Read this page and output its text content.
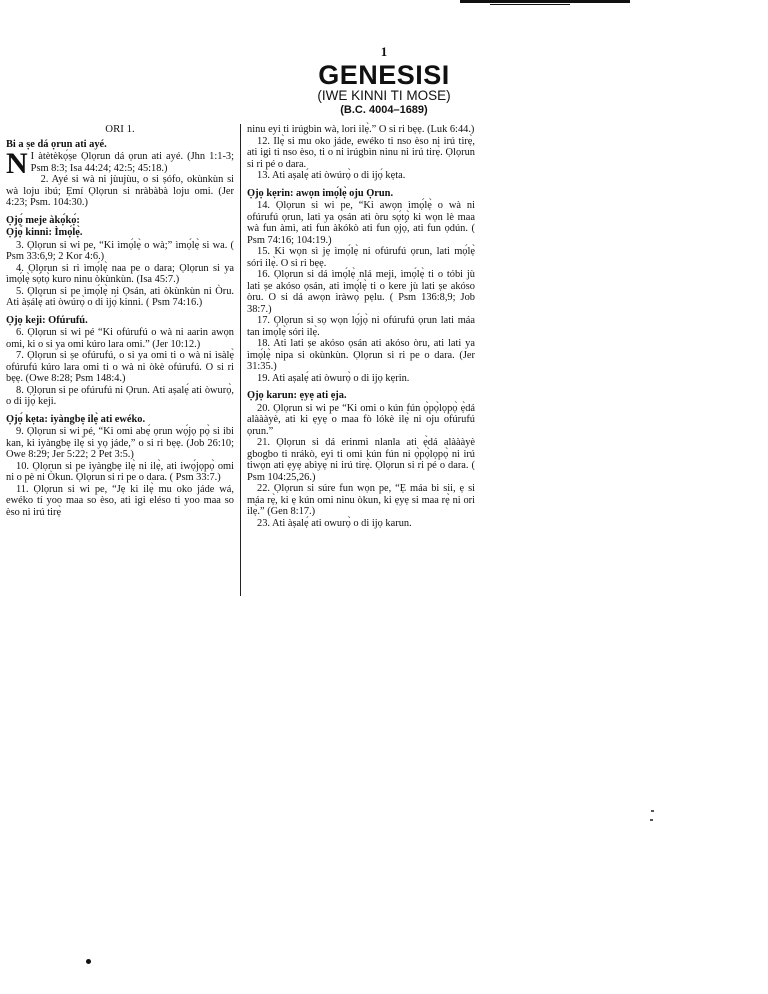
1
GENESISI
(IWE KINNI TI MOSE)
(B.C. 4004–1689)

ORI 1.

Bi a ṣe dá ọrun ati ayé.

N I àtètèkọ́ṣe Ọlọrun dá ọrun ati ayé. (Jhn 1:1-3; Psm 8:3; Isa 44:24; 42:5; 45:18.)

2. Ayé si wà ni jùujùu, o si ṣófo, okùnkùn si wà loju ibú; Ẹmí Ọlọrun si nràbàbà loju omi. (Jer 4:23; Psm. 104:30.)

Ọjọ́ meje àkọ́kọ́:

Ọjọ́ kinni: Ìmọ́lẹ̀.

3. Ọlọrun si wi pe, “Ki ìmọ́lẹ̀ o wà;” ìmọ́lẹ̀ si wa. ( Psm 33:6,9; 2 Kor 4:6.)

4. Ọlọrun si ri ìmọ́lẹ̀ naa pe o dara; Ọlọrun si ya ìmọ́lẹ̀ sọ́tọ̀ kuro ninu òkùnkùn. (Isa 45:7.)

5. Ọlọrun si pe ìmọ́lẹ̀ ni Ọsán, ati òkùnkùn ni Òru. Ati àṣálẹ́ ati òwúrọ̀ o di ijọ́ kinni. ( Psm 74:16.)

Ọjọ keji: Ofúrufú.

6. Ọlọrun si wi pé “Ki ofúrufú o wà ni aarin awọn omi, ki o si ya omi kúro lara omi.” (Jer 10:12.)

7. Ọlọrun si ṣe ofúrufú, o si ya omi ti o wà ni ìsàlẹ̀ ofúrufú kúro lara omi ti o wà ni òkè ofúrufú. O si ri bẹẹ. (Owe 8:28; Psm 148:4.)

8. Ọlọrun si pe ofúrufú ni Ọrun. Ati aṣalẹ́ ati òwurọ̀, o di ijọ́ keji.

Ọjọ́ kẹta: iyàngbẹ ilẹ̀ ati ewéko.

9. Ọlọrun si wi pé, “Ki omi abẹ́ ọrun wọ́jọ pọ̀ si ibi kan, ki iyàngbẹ ilẹ̀ si yọ jáde,” o si ri bẹẹ. (Job 26:10; Owe 8:29; Jer 5:22; 2 Pet 3:5.)

10. Ọlọrun si pe iyàngbẹ ilẹ̀ ni ilẹ̀, ati iwọ́jọpọ̀ omi ni o pè ni Òkun. Ọlọrun si ri pe o dara. ( Psm 33:7.)

11. Ọlọrun si wi pe, “Jẹ ki ilẹ̀ mu oko jáde wá, ewéko tí yoo maa so èso, ati igi eléso ti yoo maa so èso ni irú tirẹ̀

ninu eyi ti irúgbìn wà, lori ilẹ̀.” O si ri bẹẹ. (Luk 6:44.)

12. Ilẹ̀ si mu oko jáde, ewéko ti nso èso ni irú tirẹ̀, ati igi ti nso èso, ti o ni irúgbìn ninu ni irú tirẹ̀. Ọlọrun si ri pé o dara.

13. Ati aṣalẹ́ ati òwúrọ̀ o di ijọ́ kẹta.

Ọjọ kẹrin: awọn imọ́lẹ̀ oju Ọrun.

14. Ọlọrun si wi pe, “Ki awọn ìmọ́lẹ̀ o wà ni ofúrufú ọrun, lati ya ọsán ati òru sọ́tọ̀ ki wọn lè maa wà fun àmì, ati fun àkókò ati fun ọjọ́, ati fun ọdún. ( Psm 74:16; 104:19.)

15. Ki wọn sì jẹ́ ìmọ́lẹ̀ ni ofúrufú ọrun, lati mọ́lẹ̀ sóri ilẹ̀. O si ri bẹẹ.

16. Ọlọrun si dá ìmọ́lẹ̀ nlá meji, ìmọ́lẹ̀ ti o tóbi jù lati ṣe akóso ọsán, ati ìmọ́lẹ̀ ti o kere jù lati ṣe akóso òru. O si dá awọn ìràwọ̀ pẹlu. ( Psm 136:8,9; Job 38:7.)

17. Ọlọrun si sọ wọn lọ́jọ̀ ni ofúrufú ọrun lati máa tan imọ́lẹ̀ sóri ilẹ̀.

18. Ati lati ṣe akóso ọsán ati akóso òru, ati lati ya ìmọ́lẹ̀ nipa si okùnkùn. Ọlọrun si ri pe o dara. (Jer 31:35.)

19. Ati aṣalẹ́ ati òwurọ̀ o di ijọ kẹrin.

Ọjọ karun: ẹyẹ ati ẹja.

20. Ọlọrun si wi pe “Ki omi o kún fún ọ̀pọ̀lọpọ̀ ẹ̀dá alàààyè, ati ki ẹyẹ o maa fò lókè ilẹ̀ ni oju ofúrufú ọrun.”

21. Ọlọrun si dá erinmi nlanla ati ẹ̀dá alàààyè gbogbo ti nrákò, eyi ti omi kún fún ni ọ̀pọ̀lọpọ̀ ni irú tiwọn ati ẹyẹ abìyẹ́ ni irú tirẹ̀. Ọlọrun si ri pé o dara. ( Psm 104:25,26.)

22. Ọlọrun si súre fun wọn pe, “Ẹ máa bi sii, ẹ si máa rẹ̀, ki ẹ kún omi ninu òkun, ki ẹyẹ si maa rẹ̀ ni ori ilẹ̀.” (Gen 8:17.)

23. Ati àṣalẹ́ ati owurọ̀ o di ijọ karun.
